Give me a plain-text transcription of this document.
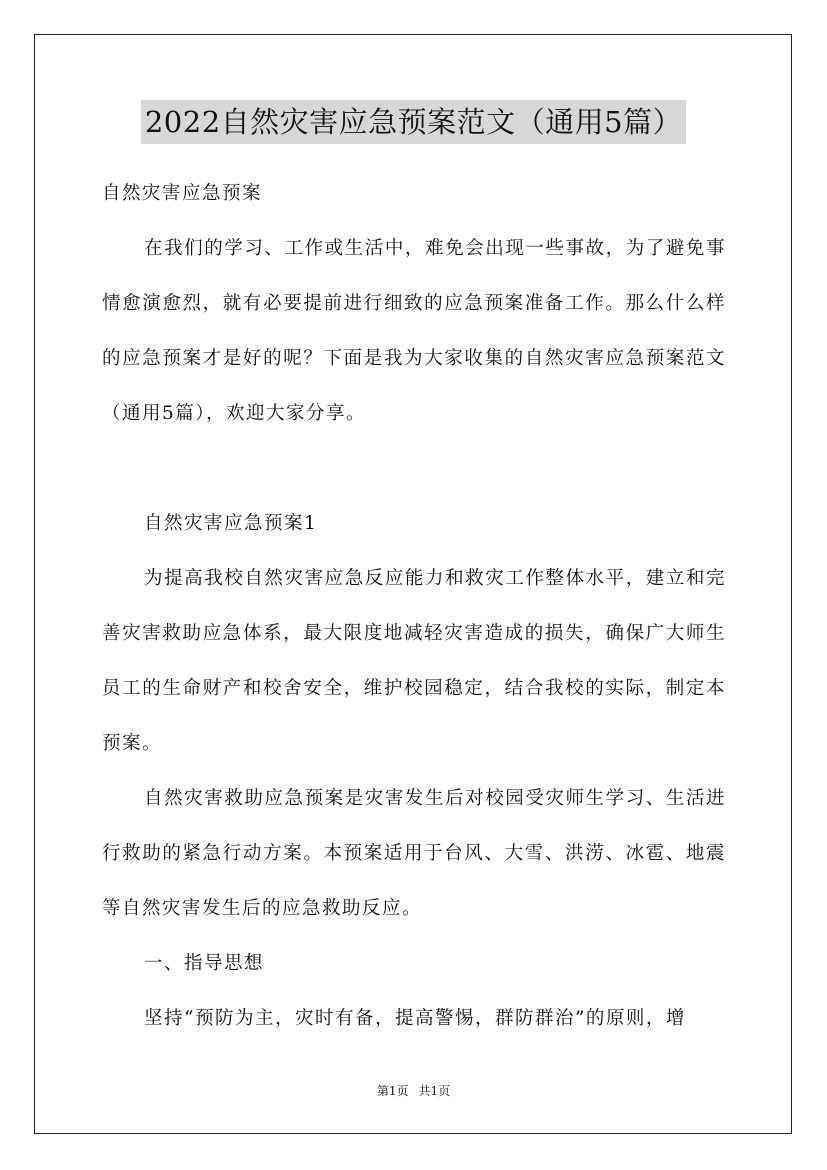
2022自然灾害应急预案范文（通用5篇）

自然灾害应急预案

在我们的学习、工作或生活中，难免会出现一些事故，为了避免事情愈演愈烈，就有必要提前进行细致的应急预案准备工作。那么什么样的应急预案才是好的呢？下面是我为大家收集的自然灾害应急预案范文（通用5篇），欢迎大家分享。

自然灾害应急预案1

为提高我校自然灾害应急反应能力和救灾工作整体水平，建立和完善灾害救助应急体系，最大限度地减轻灾害造成的损失，确保广大师生员工的生命财产和校舍安全，维护校园稳定，结合我校的实际，制定本预案。

自然灾害救助应急预案是灾害发生后对校园受灾师生学习、生活进行救助的紧急行动方案。本预案适用于台风、大雪、洪涝、冰雹、地震等自然灾害发生后的应急救助反应。

一、指导思想

坚持“预防为主，灾时有备，提高警惕，群防群治”的原则，增

第1页 共1页
